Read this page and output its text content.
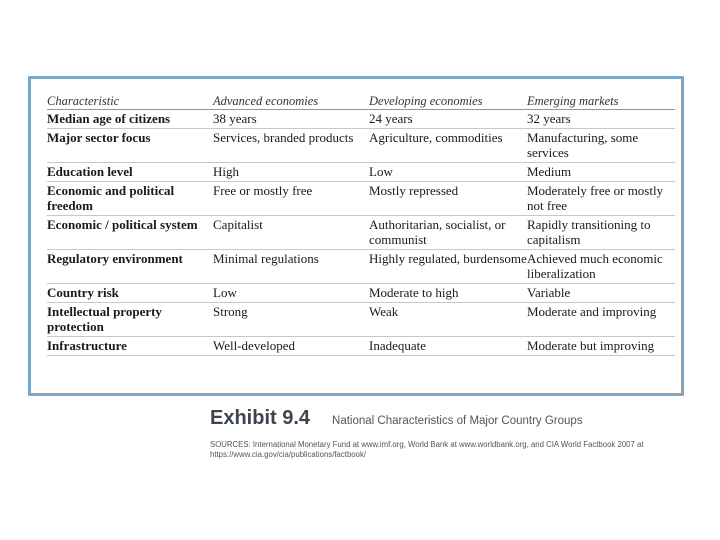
Characteristic	Advanced economies	Developing economies	Emerging markets
Median age of citizens	38 years	24 years	32 years
Major sector focus	Services, branded products	Agriculture, commodities	Manufacturing, some services
Education level	High	Low	Medium
Economic and political freedom	Free or mostly free	Mostly repressed	Moderately free or mostly not free
Economic / political system	Capitalist	Authoritarian, socialist, or communist	Rapidly transitioning to capitalism
Regulatory environment	Minimal regulations	Highly regulated, burdensome	Achieved much economic liberalization
Country risk	Low	Moderate to high	Variable
Intellectual property protection	Strong	Weak	Moderate and improving
Infrastructure	Well-developed	Inadequate	Moderate but improving
Exhibit 9.4 National Characteristics of Major Country Groups
SOURCES: International Monetary Fund at www.imf.org, World Bank at www.worldbank.org, and CIA World Factbook 2007 at https://www.cia.gov/cia/publications/factbook/
